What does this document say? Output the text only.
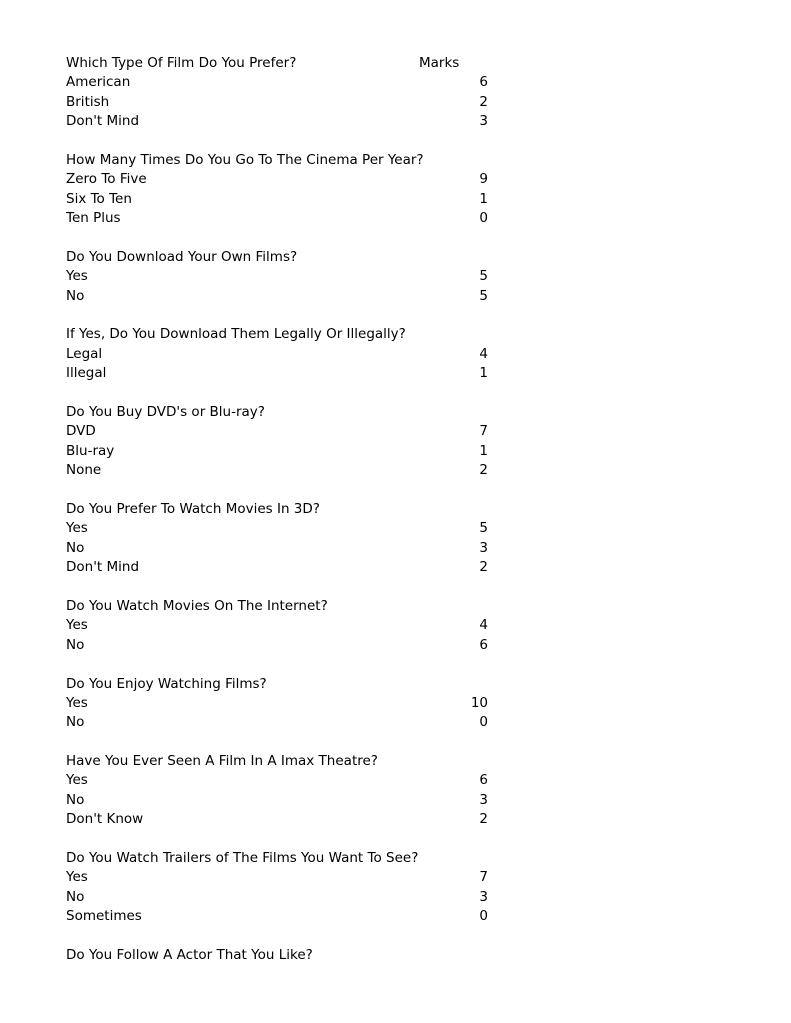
Which Type Of Film Do You Prefer?	Marks
American	6
British	2
Don't Mind	3
How Many Times Do You Go To The Cinema Per Year?
Zero To Five	9
Six To Ten	1
Ten Plus	0
Do You Download Your Own Films?
Yes	5
No	5
If Yes, Do You Download Them Legally Or Illegally?
Legal	4
Illegal	1
Do You Buy DVD's or Blu-ray?
DVD	7
Blu-ray	1
None	2
Do You Prefer To Watch Movies In 3D?
Yes	5
No	3
Don't Mind	2
Do You Watch Movies On The Internet?
Yes	4
No	6
Do You Enjoy Watching Films?
Yes	10
No	0
Have You Ever Seen A Film In A Imax Theatre?
Yes	6
No	3
Don't Know	2
Do You Watch Trailers of The Films You Want To See?
Yes	7
No	3
Sometimes	0
Do You Follow A Actor That You Like?
